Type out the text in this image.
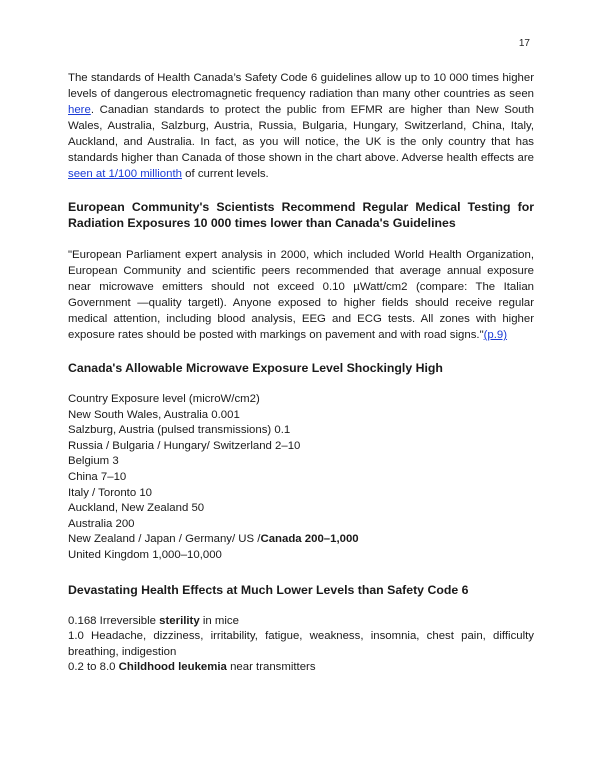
17

The standards of Health Canada’s Safety Code 6 guidelines allow up to 10 000 times higher levels of dangerous electromagnetic frequency radiation than many other countries as seen here. Canadian standards to protect the public from EFMR are higher than New South Wales, Australia, Salzburg, Austria, Russia, Bulgaria, Hungary, Switzerland, China, Italy, Auckland, and Australia. In fact, as you will notice, the UK is the only country that has standards higher than Canada of those shown in the chart above. Adverse health effects are seen at 1/100 millionth of current levels.

European Community's Scientists Recommend Regular Medical Testing for Radiation Exposures 10 000 times lower than Canada's Guidelines

"European Parliament expert analysis in 2000, which included World Health Organization, European Community and scientific peers recommended that average annual exposure near microwave emitters should not exceed 0.10 µWatt/cm2 (compare: The Italian Government —quality targetl). Anyone exposed to higher fields should receive regular medical attention, including blood analysis, EEG and ECG tests. All zones with higher exposure rates should be posted with markings on pavement and with road signs."(p.9)

Canada's Allowable Microwave Exposure Level Shockingly High
Country Exposure level (microW/cm2)
New South Wales, Australia 0.001
Salzburg, Austria (pulsed transmissions) 0.1
Russia / Bulgaria / Hungary/ Switzerland 2–10
Belgium 3
China 7–10
Italy / Toronto 10
Auckland, New Zealand 50
Australia 200
New Zealand / Japan / Germany/ US /Canada 200–1,000
United Kingdom 1,000–10,000
Devastating Health Effects at Much Lower Levels than Safety Code 6
0.168 Irreversible sterility in mice
1.0 Headache, dizziness, irritability, fatigue, weakness, insomnia, chest pain, difficulty breathing, indigestion
0.2 to 8.0 Childhood leukemia near transmitters
